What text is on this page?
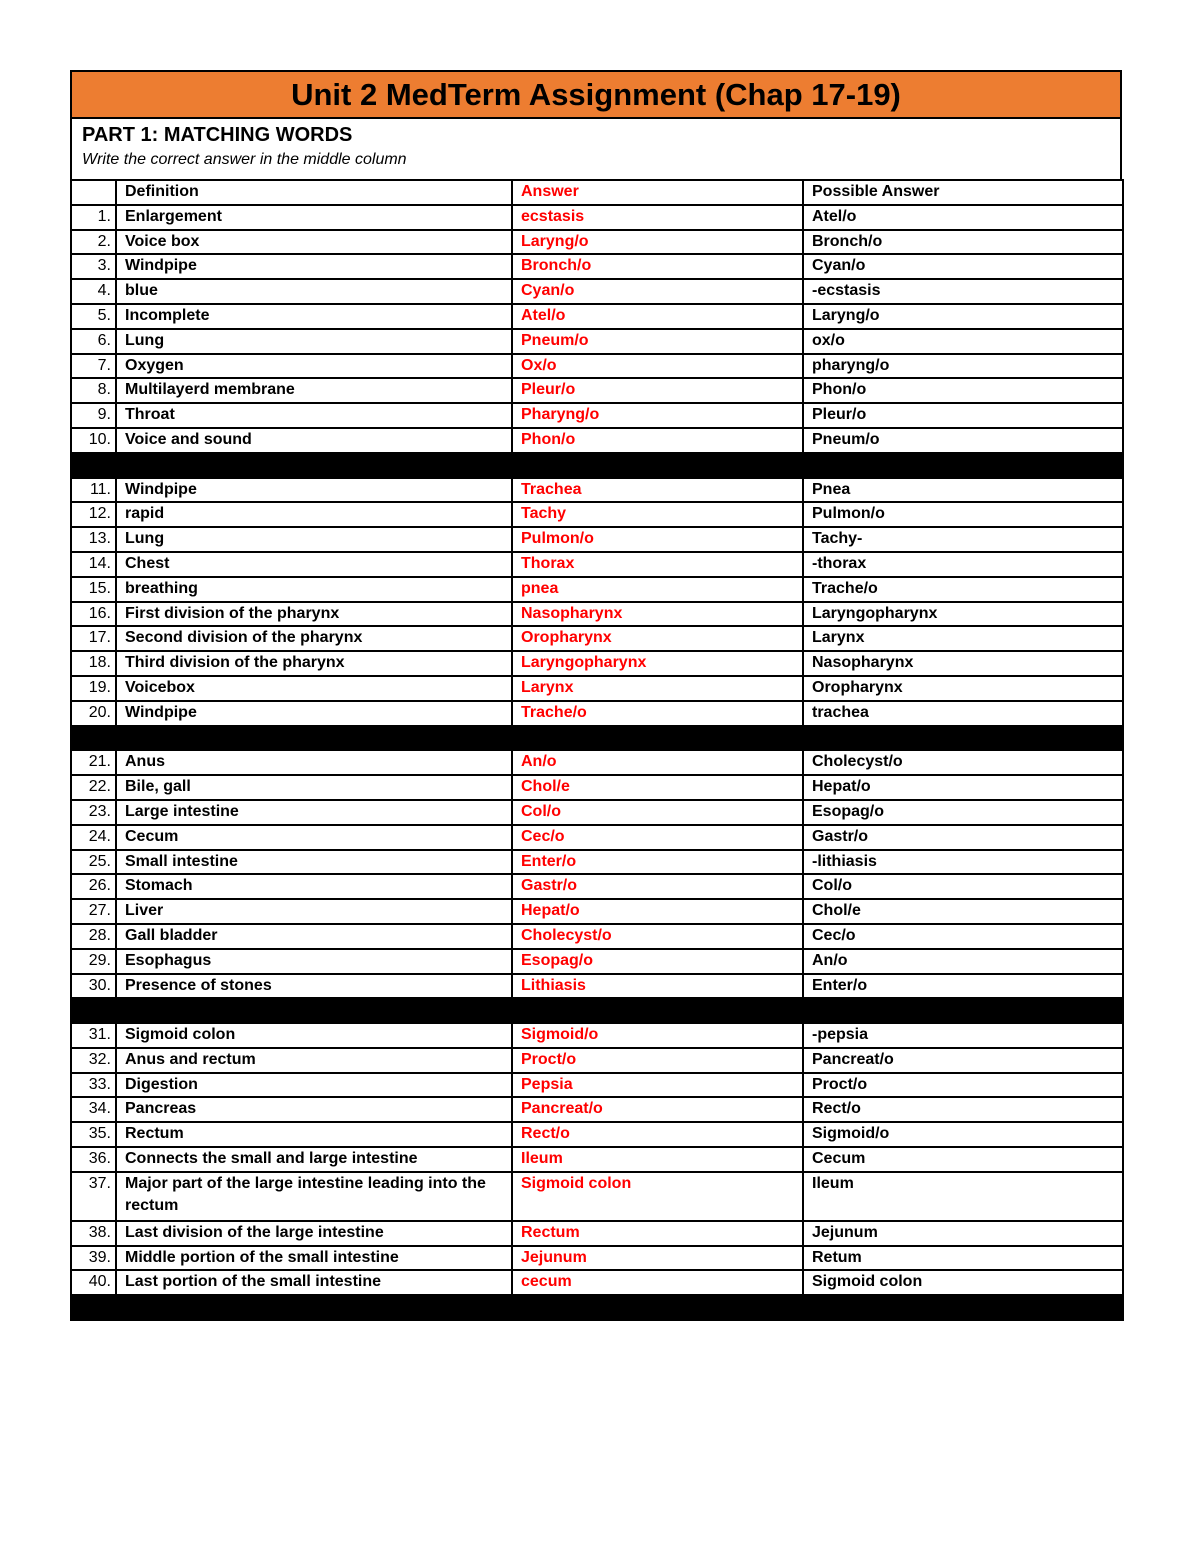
Unit 2 MedTerm Assignment (Chap 17-19)
PART 1: MATCHING WORDS
Write the correct answer in the middle column
	Definition	Answer	Possible Answer
1.	Enlargement	ecstasis	Atel/o
2.	Voice box	Laryng/o	Bronch/o
3.	Windpipe	Bronch/o	Cyan/o
4.	blue	Cyan/o	-ecstasis
5.	Incomplete	Atel/o	Laryng/o
6.	Lung	Pneum/o	ox/o
7.	Oxygen	Ox/o	pharyng/o
8.	Multilayerd membrane	Pleur/o	Phon/o
9.	Throat	Pharyng/o	Pleur/o
10.	Voice and sound	Phon/o	Pneum/o

11.	Windpipe	Trachea	Pnea
12.	rapid	Tachy	Pulmon/o
13.	Lung	Pulmon/o	Tachy-
14.	Chest	Thorax	-thorax
15.	breathing	pnea	Trache/o
16.	First division of the pharynx	Nasopharynx	Laryngopharynx
17.	Second division of the pharynx	Oropharynx	Larynx
18.	Third division of the pharynx	Laryngopharynx	Nasopharynx
19.	Voicebox	Larynx	Oropharynx
20.	Windpipe	Trache/o	trachea

21.	Anus	An/o	Cholecyst/o
22.	Bile, gall	Chol/e	Hepat/o
23.	Large intestine	Col/o	Esopag/o
24.	Cecum	Cec/o	Gastr/o
25.	Small intestine	Enter/o	-lithiasis
26.	Stomach	Gastr/o	Col/o
27.	Liver	Hepat/o	Chol/e
28.	Gall bladder	Cholecyst/o	Cec/o
29.	Esophagus	Esopag/o	An/o
30.	Presence of stones	Lithiasis	Enter/o

31.	Sigmoid colon	Sigmoid/o	-pepsia
32.	Anus and rectum	Proct/o	Pancreat/o
33.	Digestion	Pepsia	Proct/o
34.	Pancreas	Pancreat/o	Rect/o
35.	Rectum	Rect/o	Sigmoid/o
36.	Connects the small and large intestine	Ileum	Cecum
37.	Major part of the large intestine leading into the rectum	Sigmoid colon	Ileum
38.	Last division of the large intestine	Rectum	Jejunum
39.	Middle portion of the small intestine	Jejunum	Retum
40.	Last portion of the small intestine	cecum	Sigmoid colon
